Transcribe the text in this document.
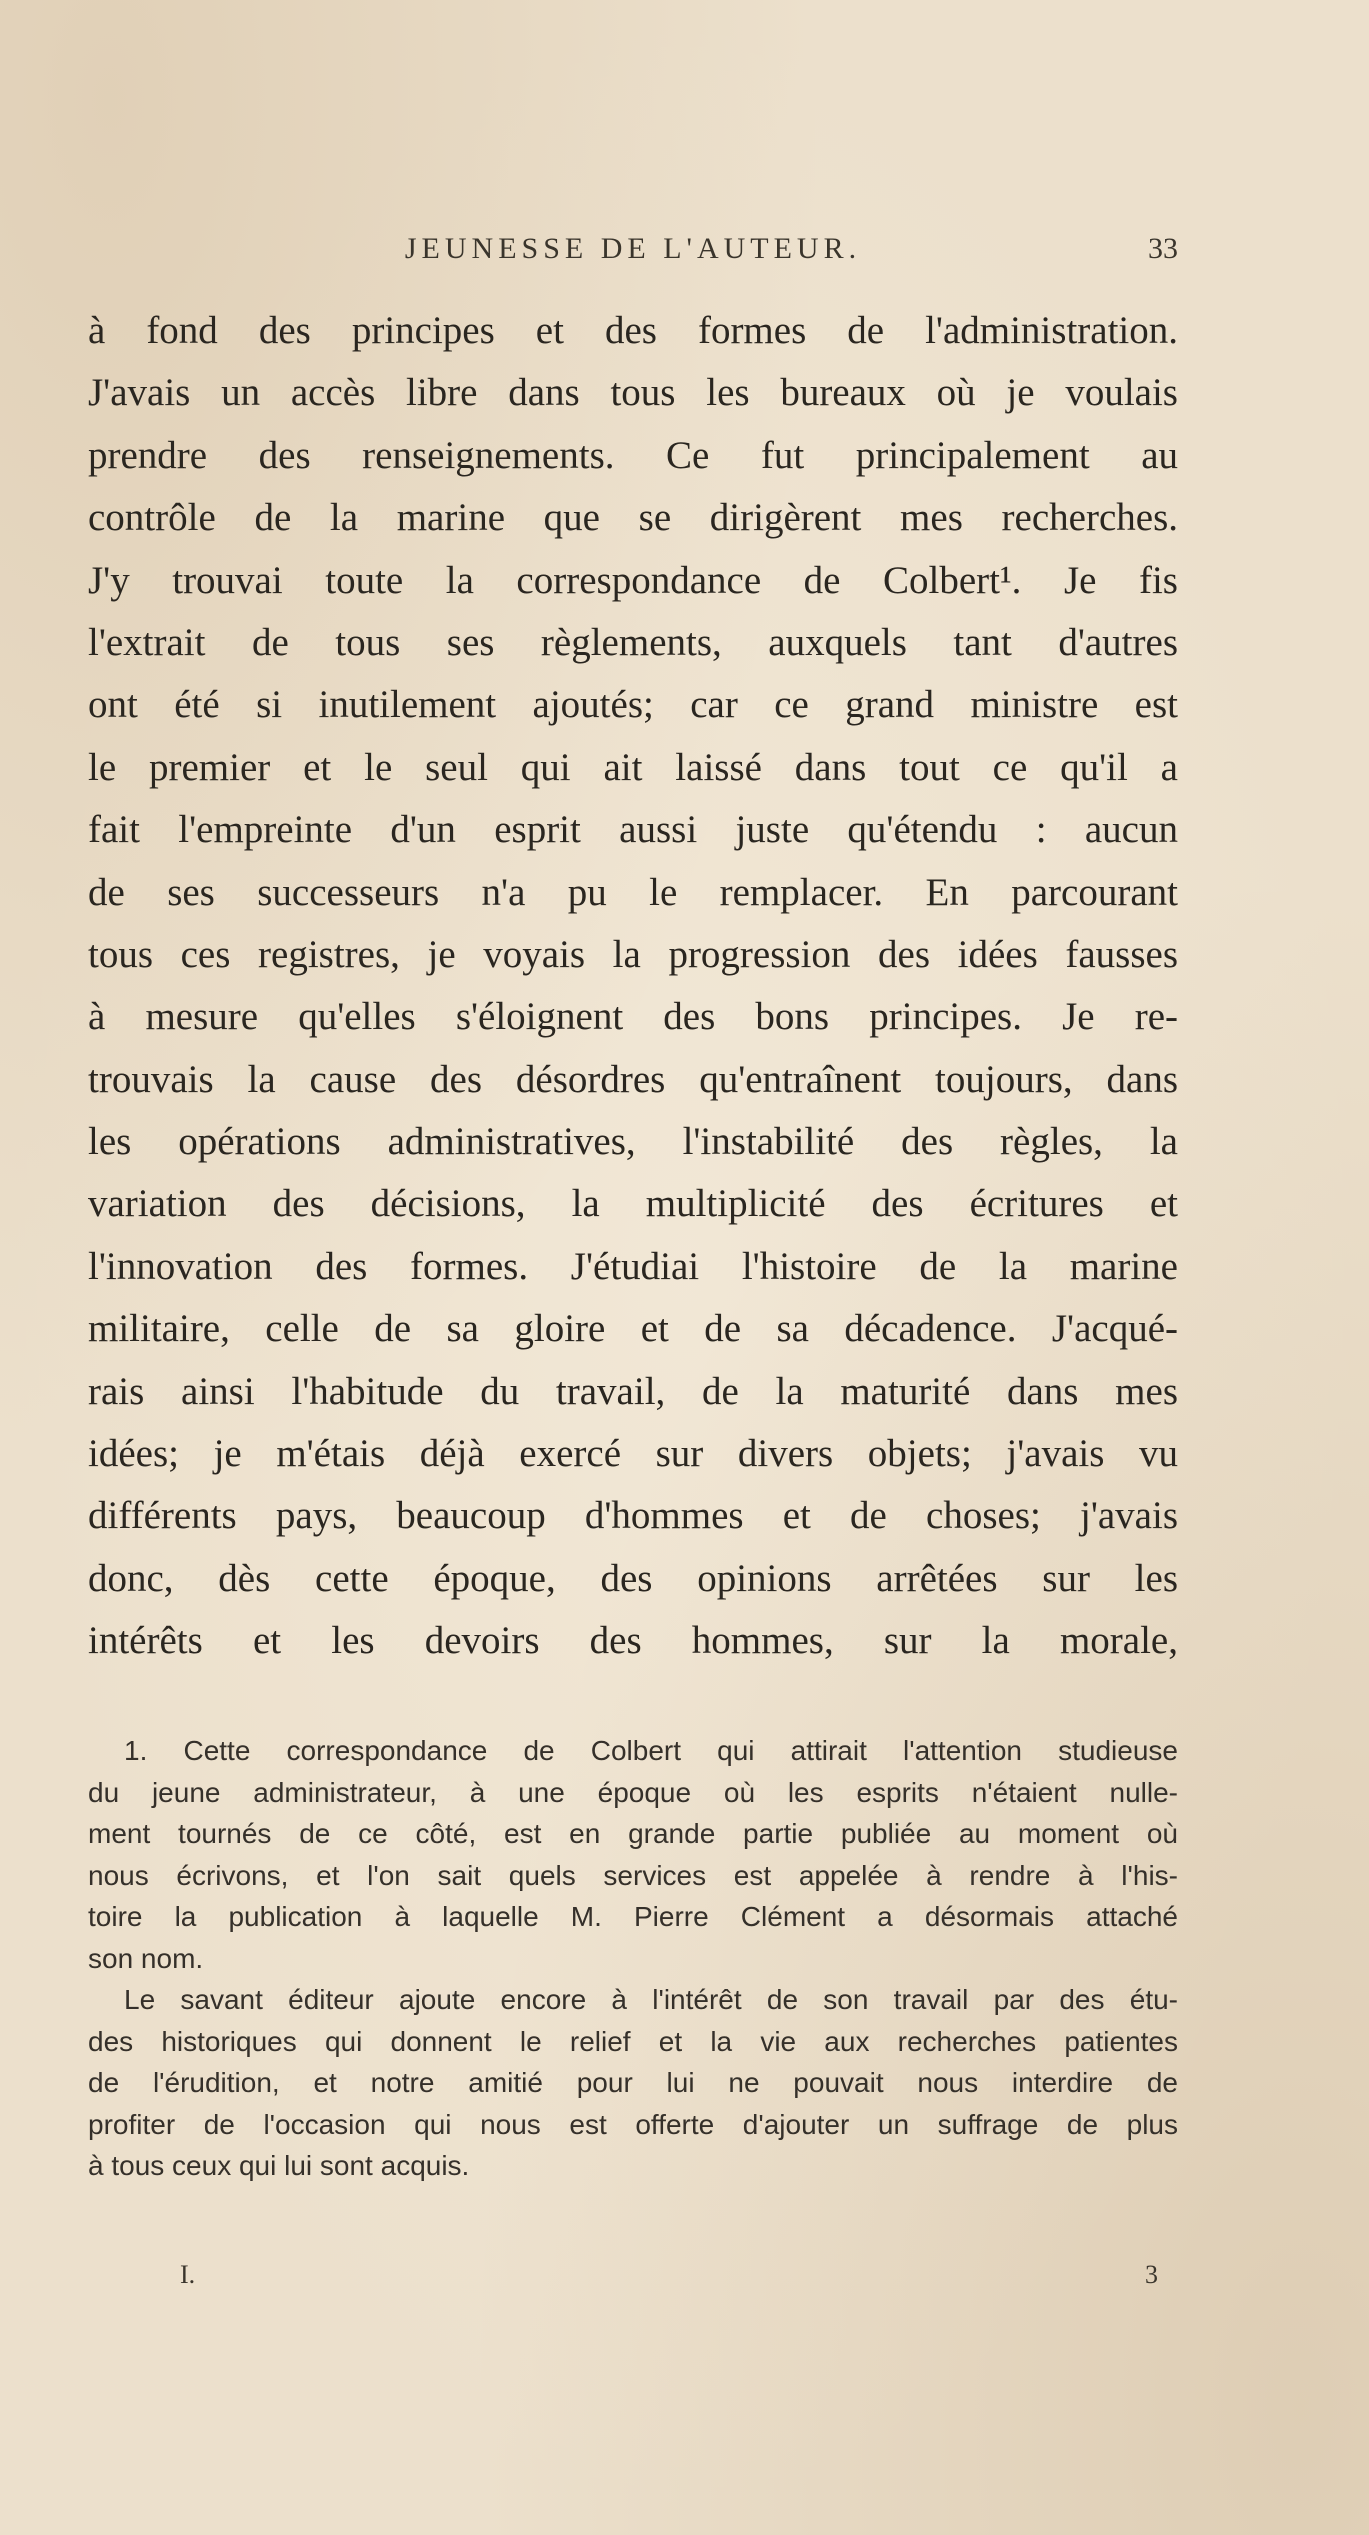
JEUNESSE DE L'AUTEUR.	33
à fond des principes et des formes de l'administration.
J'avais un accès libre dans tous les bureaux où je voulais
prendre des renseignements. Ce fut principalement au
contrôle de la marine que se dirigèrent mes recherches.
J'y trouvai toute la correspondance de Colbert¹. Je fis
l'extrait de tous ses règlements, auxquels tant d'autres
ont été si inutilement ajoutés; car ce grand ministre est
le premier et le seul qui ait laissé dans tout ce qu'il a
fait l'empreinte d'un esprit aussi juste qu'étendu : aucun
de ses successeurs n'a pu le remplacer. En parcourant
tous ces registres, je voyais la progression des idées fausses
à mesure qu'elles s'éloignent des bons principes. Je re-
trouvais la cause des désordres qu'entraînent toujours, dans
les opérations administratives, l'instabilité des règles, la
variation des décisions, la multiplicité des écritures et
l'innovation des formes. J'étudiai l'histoire de la marine
militaire, celle de sa gloire et de sa décadence. J'acqué-
rais ainsi l'habitude du travail, de la maturité dans mes
idées; je m'étais déjà exercé sur divers objets; j'avais vu
différents pays, beaucoup d'hommes et de choses; j'avais
donc, dès cette époque, des opinions arrêtées sur les
intérêts et les devoirs des hommes, sur la morale,
1. Cette correspondance de Colbert qui attirait l'attention studieuse
du jeune administrateur, à une époque où les esprits n'étaient nulle-
ment tournés de ce côté, est en grande partie publiée au moment où
nous écrivons, et l'on sait quels services est appelée à rendre à l'his-
toire la publication à laquelle M. Pierre Clément a désormais attaché
son nom.
Le savant éditeur ajoute encore à l'intérêt de son travail par des étu-
des historiques qui donnent le relief et la vie aux recherches patientes
de l'érudition, et notre amitié pour lui ne pouvait nous interdire de
profiter de l'occasion qui nous est offerte d'ajouter un suffrage de plus
à tous ceux qui lui sont acquis.
I.	3
